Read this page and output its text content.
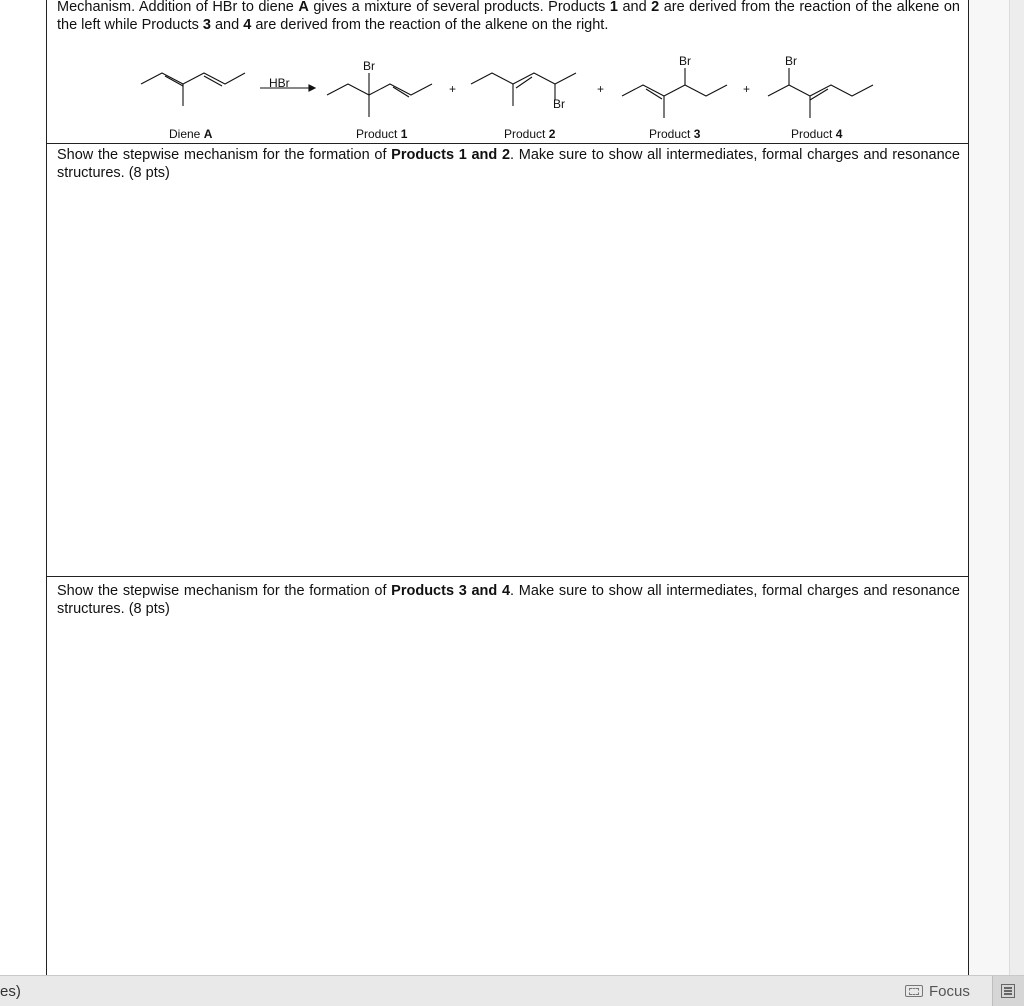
Mechanism. Addition of HBr to diene A gives a mixture of several products. Products 1 and 2 are derived from the reaction of the alkene on the left while Products 3 and 4 are derived from the reaction of the alkene on the right.
HBr
Br
Br
Br	Br
+	+	+
Diene A	Product 1	Product 2	Product 3	Product 4
Show the stepwise mechanism for the formation of Products 1 and 2. Make sure to show all intermediates, formal charges and resonance structures. (8 pts)
Show the stepwise mechanism for the formation of Products 3 and 4. Make sure to show all intermediates, formal charges and resonance structures. (8 pts)
es)	Focus
